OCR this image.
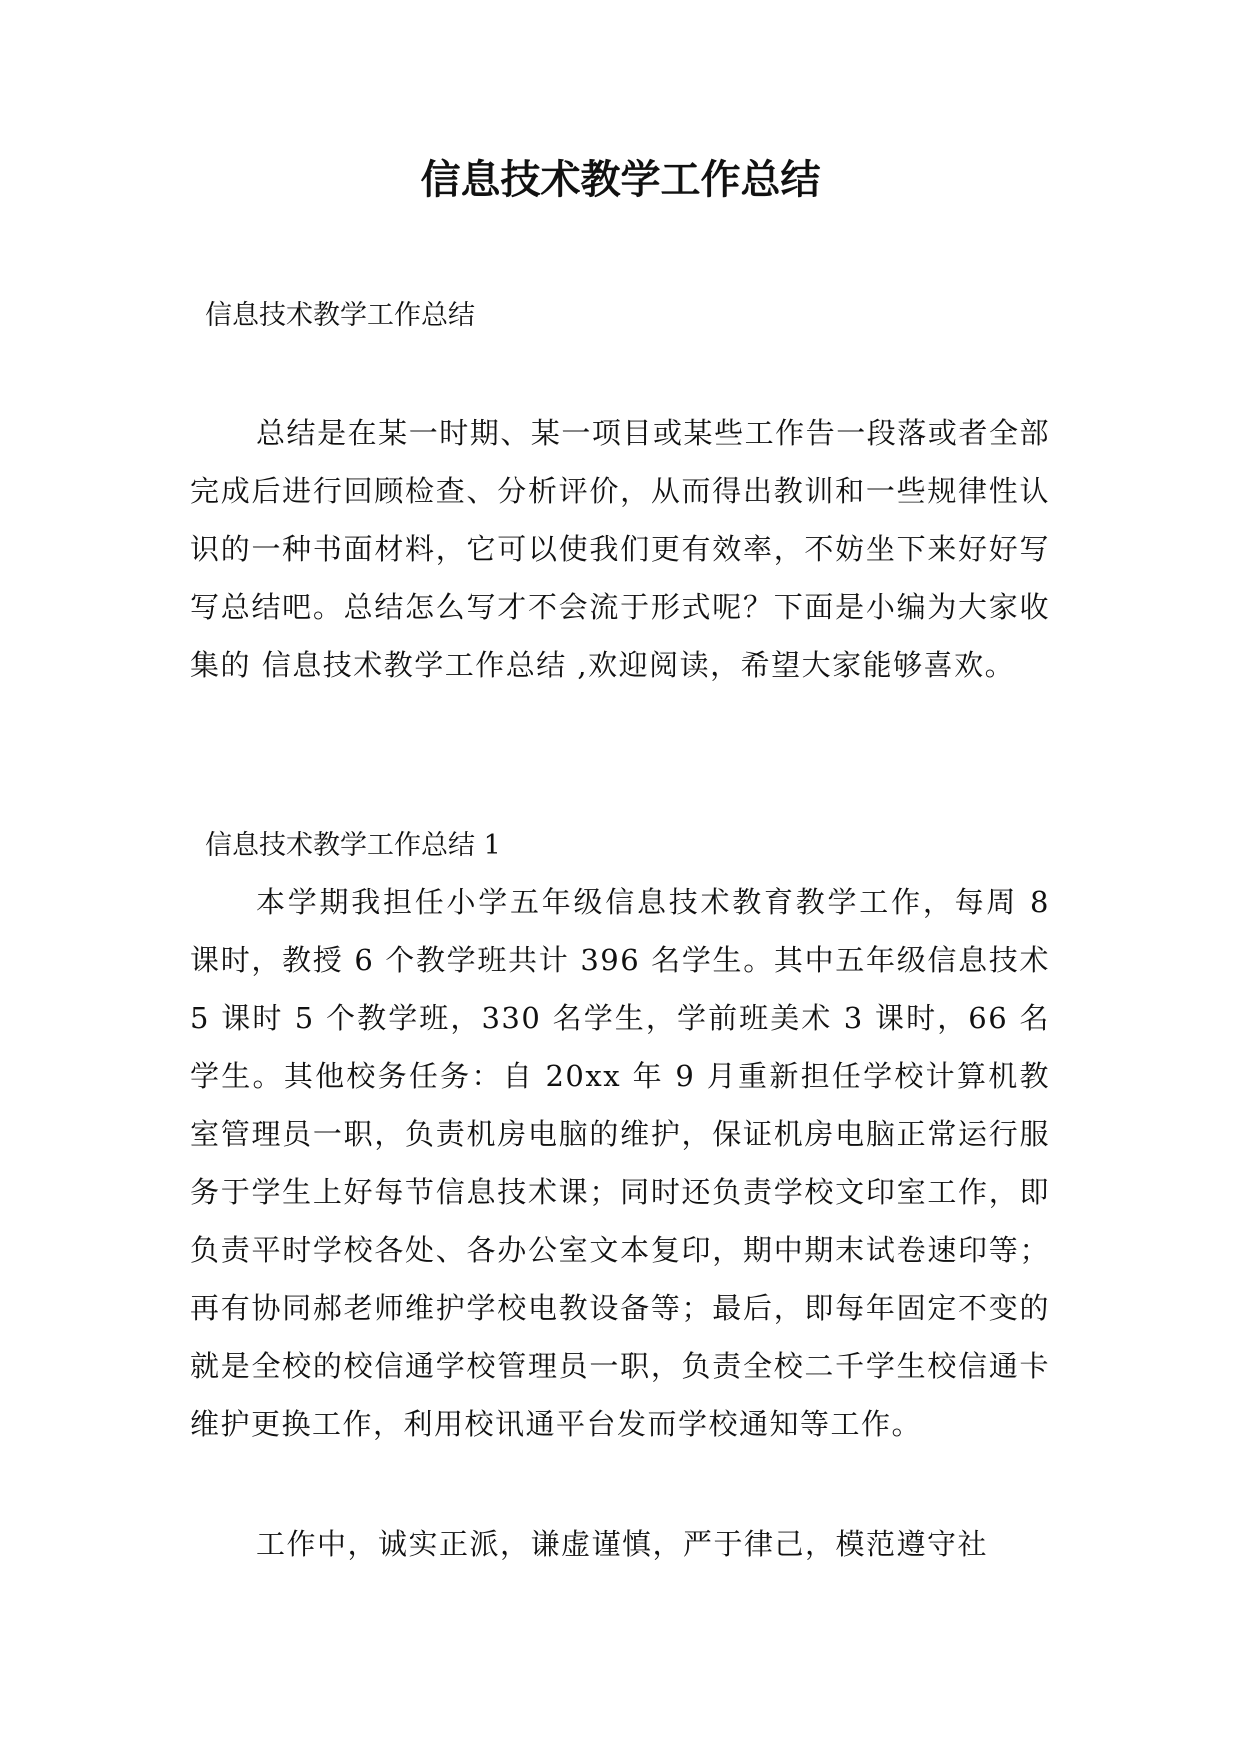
信息技术教学工作总结

信息技术教学工作总结

总结是在某一时期、某一项目或某些工作告一段落或者全部完成后进行回顾检查、分析评价，从而得出教训和一些规律性认识的一种书面材料，它可以使我们更有效率，不妨坐下来好好写写总结吧。总结怎么写才不会流于形式呢？下面是小编为大家收集的 信息技术教学工作总结 ,欢迎阅读，希望大家能够喜欢。

信息技术教学工作总结 1

本学期我担任小学五年级信息技术教育教学工作，每周 8 课时，教授 6 个教学班共计 396 名学生。其中五年级信息技术 5 课时 5 个教学班，330 名学生，学前班美术 3 课时，66 名学生。其他校务任务：自 20xx 年 9 月重新担任学校计算机教室管理员一职，负责机房电脑的维护，保证机房电脑正常运行服务于学生上好每节信息技术课；同时还负责学校文印室工作，即负责平时学校各处、各办公室文本复印，期中期末试卷速印等；再有协同郝老师维护学校电教设备等；最后，即每年固定不变的就是全校的校信通学校管理员一职，负责全校二千学生校信通卡维护更换工作，利用校讯通平台发而学校通知等工作。

工作中，诚实正派，谦虚谨慎，严于律己，模范遵守社
